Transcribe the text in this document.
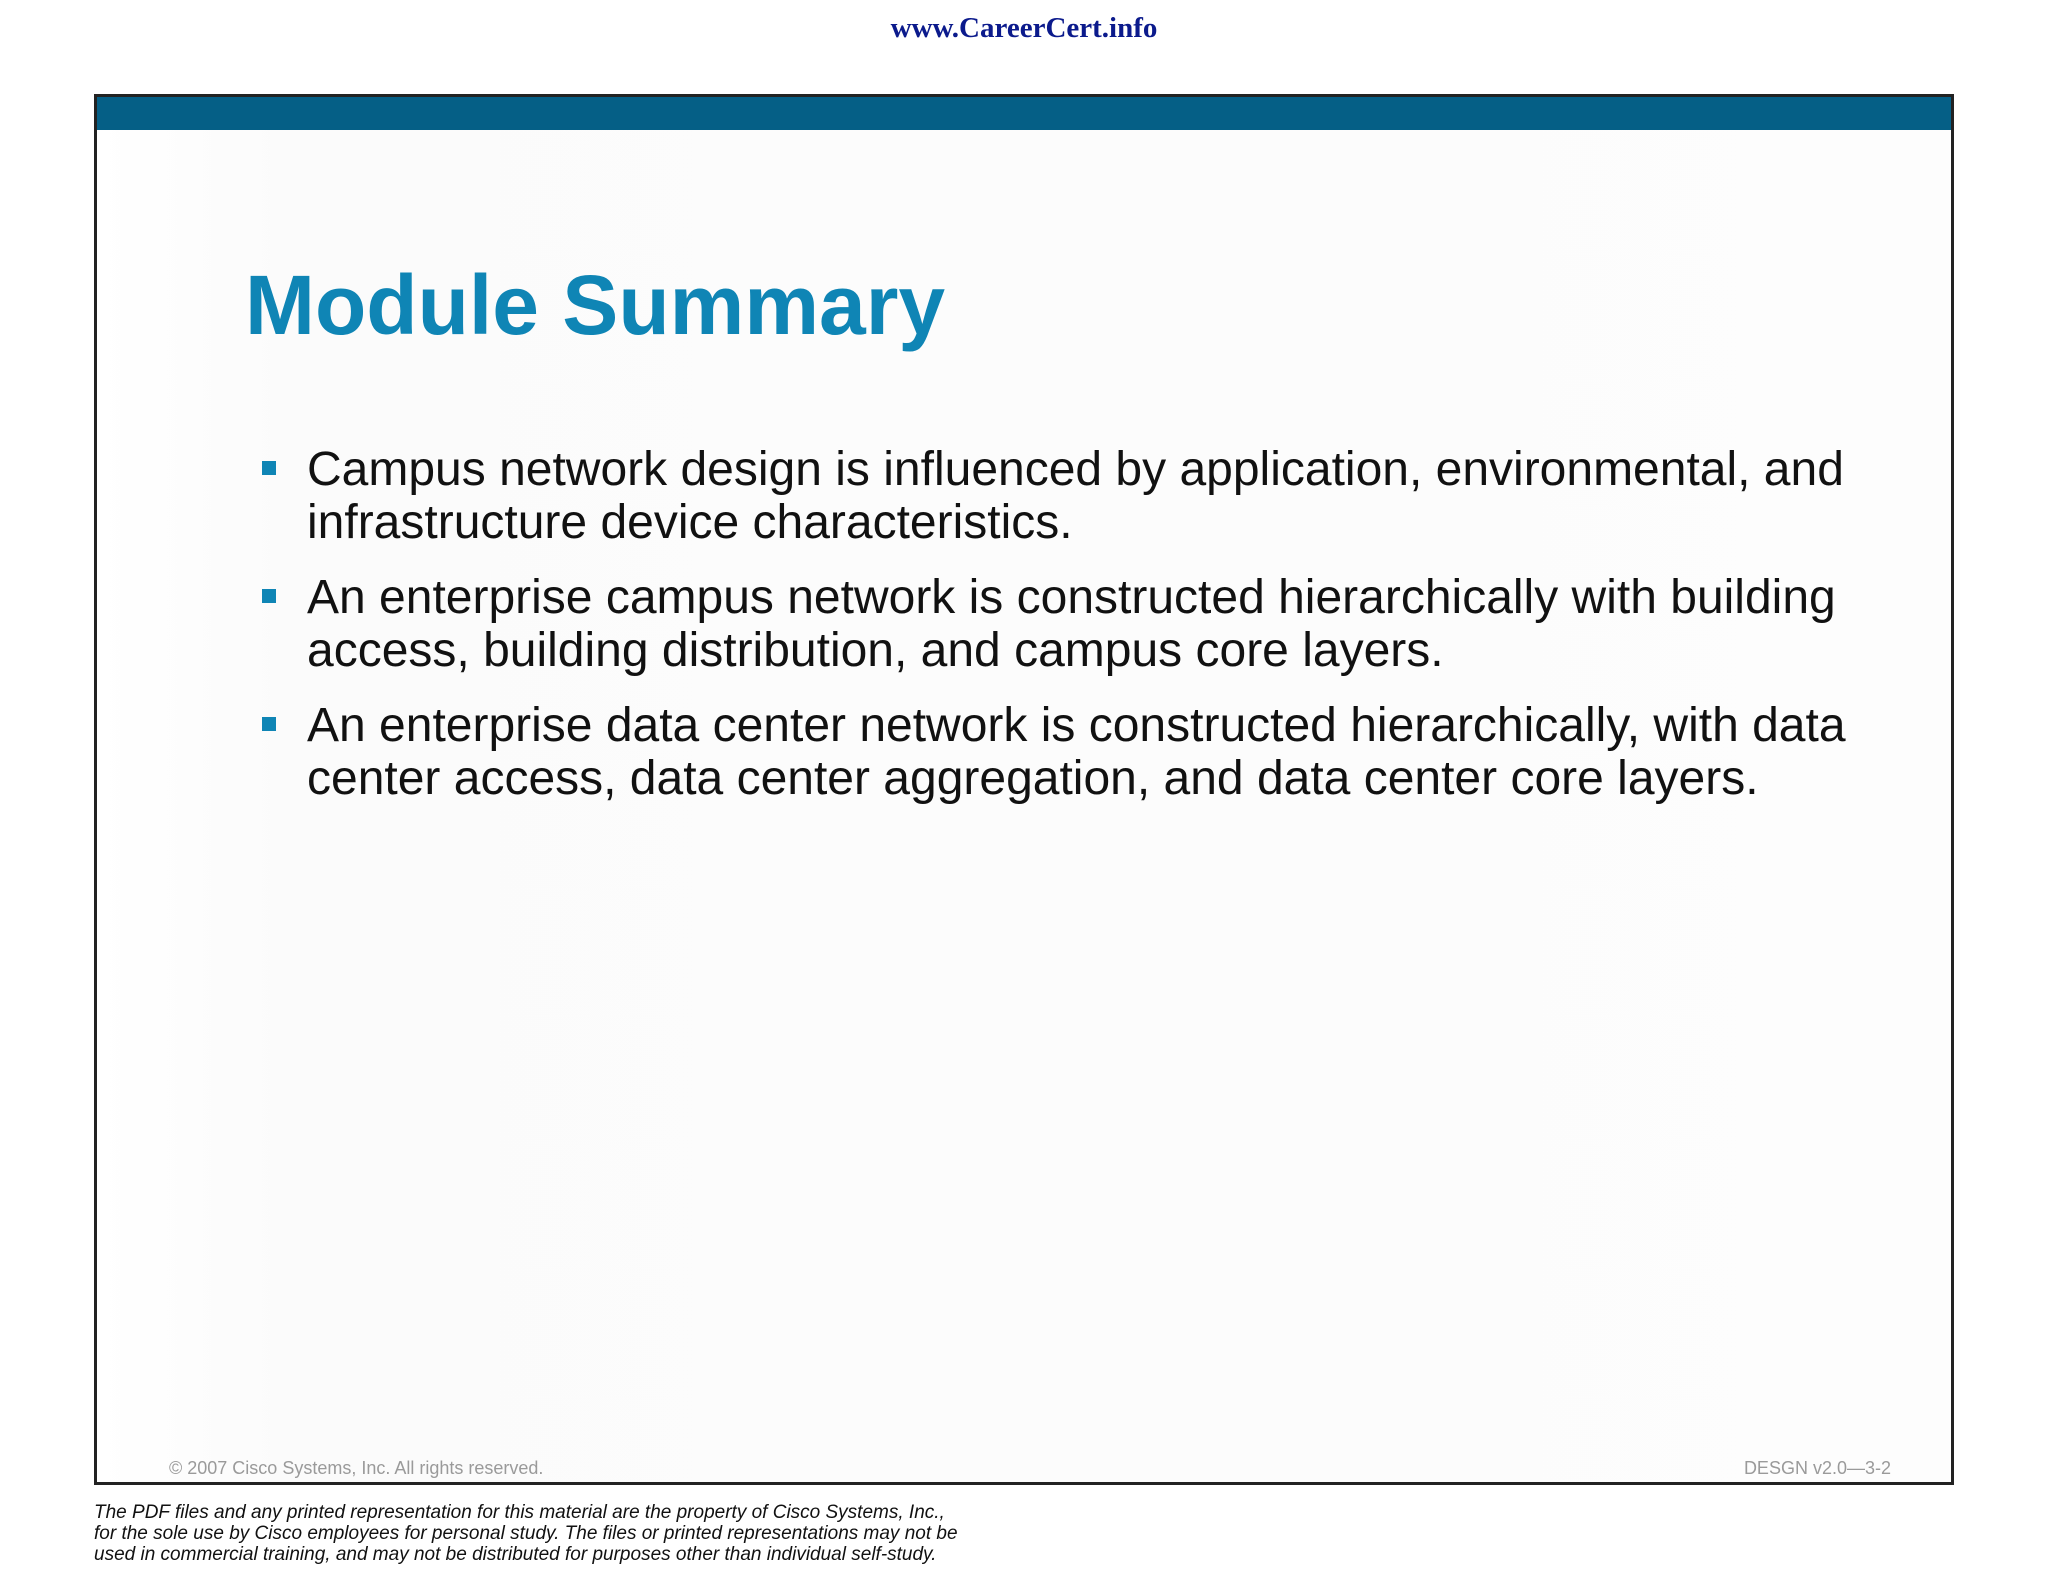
www.CareerCert.info
Module Summary
Campus network design is influenced by application, environmental, and infrastructure device characteristics.
An enterprise campus network is constructed hierarchically with building access, building distribution, and campus core layers.
An enterprise data center network is constructed hierarchically, with data center access, data center aggregation, and data center core layers.
© 2007 Cisco Systems, Inc. All rights reserved.	DESGN v2.0—3-2
The PDF files and any printed representation for this material are the property of Cisco Systems, Inc.,
for the sole use by Cisco employees for personal study. The files or printed representations may not be
used in commercial training, and may not be distributed for purposes other than individual self-study.
